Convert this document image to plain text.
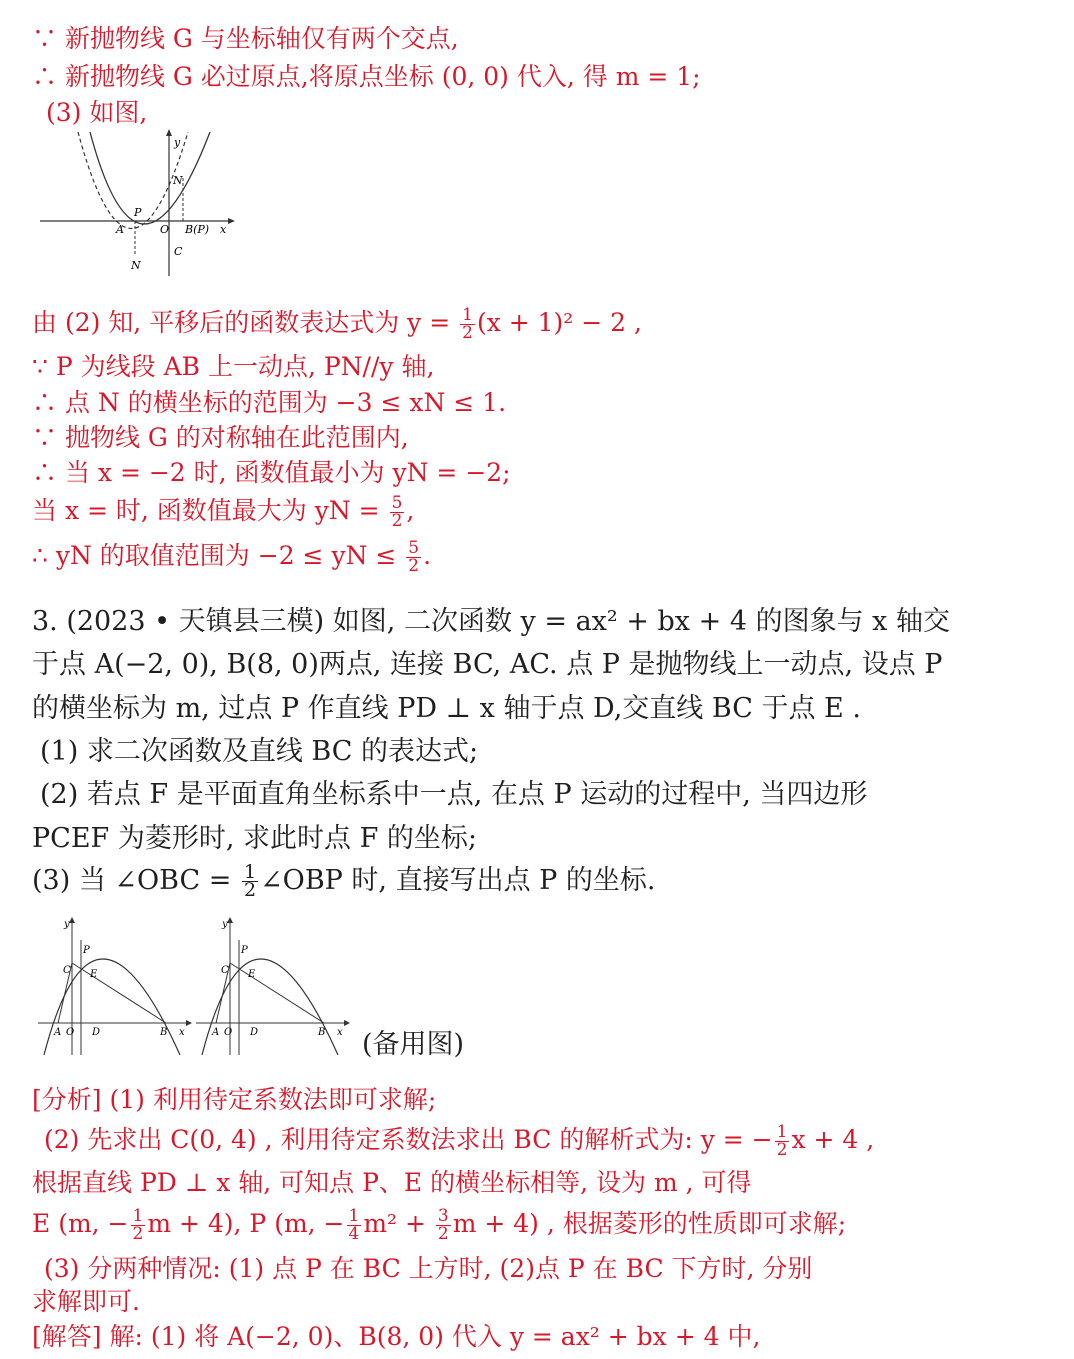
∵ 新抛物线 G 与坐标轴仅有两个交点,
∴ 新抛物线 G 必过原点,将原点坐标 (0, 0) 代入, 得 m = 1;
(3) 如图,
y
N
P
A	O B(P) x
N
C
由 (2) 知, 平移后的函数表达式为 $y = \frac{1}{2} (x + 1)^2 - 2$ ,
∵ P 为线段 AB 上一动点, PN//y 轴,
∴ 点 N 的横坐标的范围为 −3 ≤ xN ≤ 1.
∵ 抛物线 G 的对称轴在此范围内,
∴ 当 x = −2 时, 函数值最小为 yN = −2;
当 x = 时, 函数值最大为 yN = $\frac{5}{2}$ ,
∴ yN 的取值范围为 −2 ≤ yN ≤ $\frac{5}{2}$ .
3. (2023 • 天镇县三模) 如图, 二次函数 y = ax² + bx + 4 的图象与 x 轴交
于点 A(−2, 0), B(8, 0)两点, 连接 BC, AC. 点 P 是抛物线上一动点, 设点 P
的横坐标为 m, 过点 P 作直线 PD ⊥ x 轴于点 D,交直线 BC 于点 E .
(1) 求二次函数及直线 BC 的表达式;
(2) 若点 F 是平面直角坐标系中一点, 在点 P 运动的过程中, 当四边形
PCEF 为菱形时, 求此时点 F 的坐标;
(3) 当 ∠OBC = $\frac{1}{2}$ ∠OBP 时, 直接写出点 P 的坐标.
y
P
C E
A O D	B x
y
P
C E
A O D	B x (备用图)
[分析] (1) 利用待定系数法即可求解;
(2) 先求出 C(0, 4) , 利用待定系数法求出 BC 的解析式为: y = − $\frac{1}{2}$ x + 4 ,
根据直线 PD ⊥ x 轴, 可知点 P、E 的横坐标相等, 设为 m , 可得
E (m, − $\frac{1}{2}$ m + 4), P (m, − $\frac{1}{4} m^2 + \frac{3}{2}$ m + 4) , 根据菱形的性质即可求解;
(3) 分两种情况: (1) 点 P 在 BC 上方时, (2)点 P 在 BC 下方时, 分别
求解即可.
[解答] 解: (1) 将 A(−2, 0)、B(8, 0) 代入 y = ax² + bx + 4 中,
